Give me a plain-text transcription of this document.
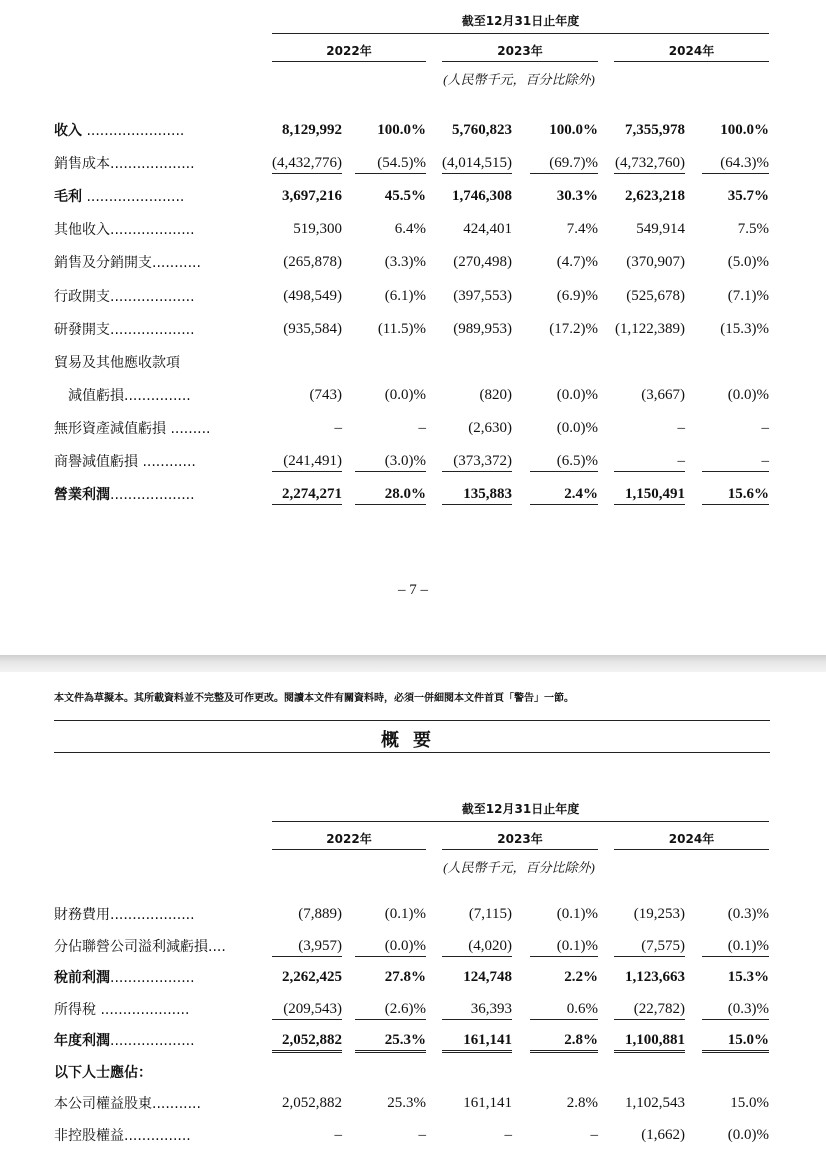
截至12月31日止年度
2022年	2023年	2024年
(人民幣千元，百分比除外)
收入 ......................	8,129,992	100.0%	5,760,823	100.0%	7,355,978	100.0%
銷售成本...................	(4,432,776)	(54.5)% (4,014,515)	(69.7)% (4,732,760)	(64.3)%
毛利 ......................	3,697,216	45.5%	1,746,308	30.3%	2,623,218	35.7%
其他收入...................	519,300	6.4%	424,401	7.4%	549,914	7.5%
銷售及分銷開支...........	(265,878)	(3.3)%	(270,498)	(4.7)%	(370,907)	(5.0)%
行政開支...................	(498,549)	(6.1)%	(397,553)	(6.9)%	(525,678)	(7.1)%
研發開支...................	(935,584)	(11.5)%	(989,953)	(17.2)% (1,122,389)	(15.3)%
貿易及其他應收款項
減值虧損...............	(743)	(0.0)%	(820)	(0.0)%	(3,667)	(0.0)%
無形資產減值虧損 .........	–	–	(2,630)	(0.0)%	–	–
商譽減值虧損 ............	(241,491)	(3.0)%	(373,372)	(6.5)%	–	–
營業利潤...................	2,274,271	28.0%	135,883	2.4%	1,150,491	15.6%
– 7 –
本文件為草擬本。其所載資料並不完整及可作更改。閱讀本文件有關資料時，必須一併細閱本文件首頁「警告」一節。
概要
截至12月31日止年度
2022年	2023年	2024年
(人民幣千元，百分比除外)
財務費用...................	(7,889)	(0.1)%	(7,115)	(0.1)%	(19,253)	(0.3)%
分佔聯營公司溢利減虧損....	(3,957)	(0.0)%	(4,020)	(0.1)%	(7,575)	(0.1)%
稅前利潤...................	2,262,425	27.8%	124,748	2.2%	1,123,663	15.3%
所得稅 ....................	(209,543)	(2.6)%	36,393	0.6%	(22,782)	(0.3)%
年度利潤...................	2,052,882	25.3%	161,141	2.8%	1,100,881	15.0%
以下人士應佔：
本公司權益股東...........	2,052,882	25.3%	161,141	2.8%	1,102,543	15.0%
非控股權益...............	–	–	–	–	(1,662)	(0.0)%
